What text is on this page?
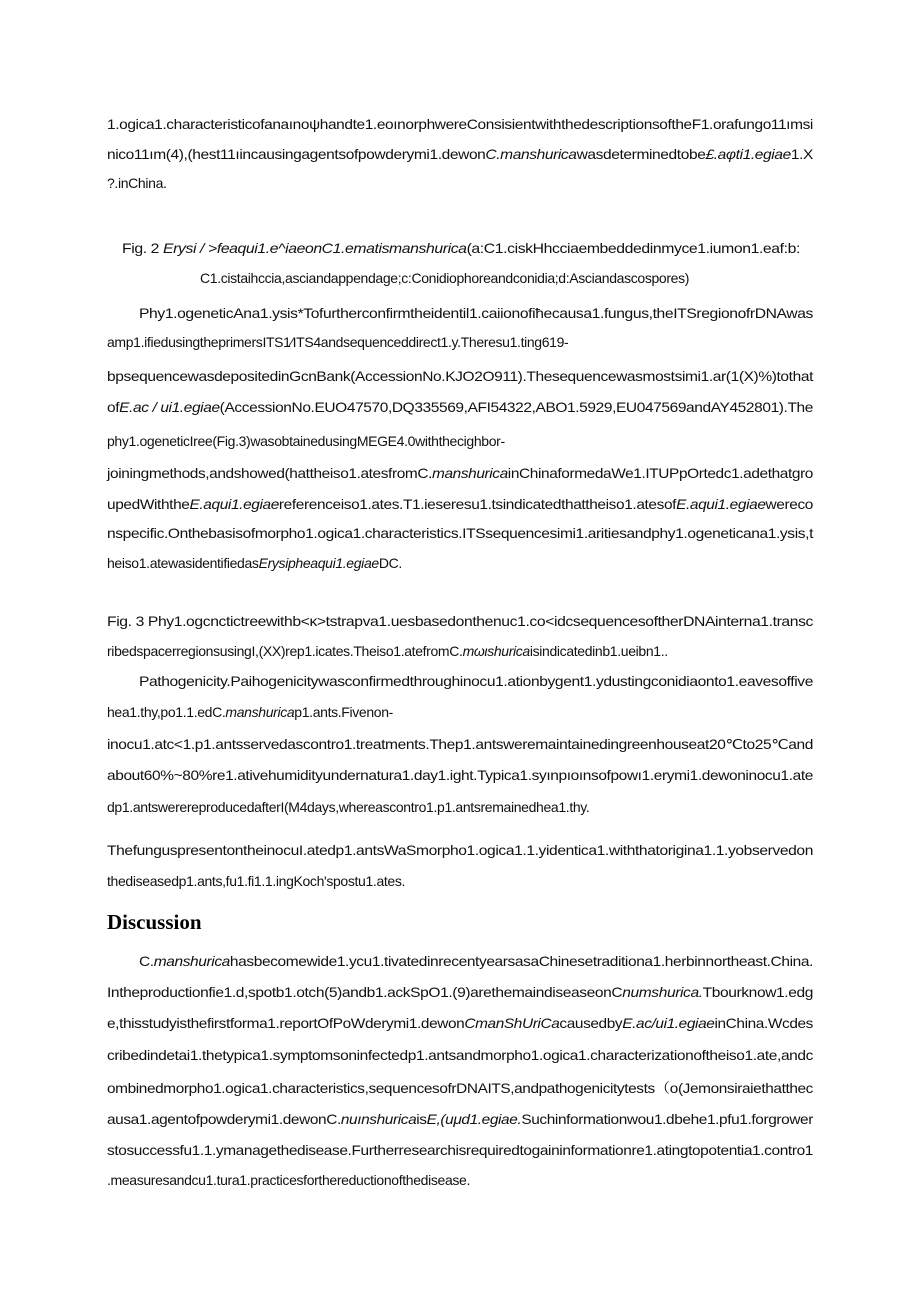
Discussion
1.ogica1.characteristicofanaınoψhandte1.eoınorphwereConsisientwiththedescriptionsoftheF1.orafungo11ımsi
nico11ım(4),(hest11ıincausingagentsofpowderymi1.dewonC.manshuricawasdeterminedtobe£.aφti1.egiae1.X
?.inChina.
Fig. 2 Erysi / >feaqui1.e^iaeonC1.ematismanshurica(a:C1.ciskHhcciaembeddedinmyce1.iumon1.eaf:b:
C1.cistaihccia,asciandappendage;c:Conidiophoreandconidia;d:Asciandascospores)
Phy1.ogeneticAna1.ysis*Tofurtherconfirmtheidentil1.caiionofiħecausa1.fungus,theITSregionofrDNAwas
amp1.ifiedusingtheprimersITS1⁄ITS4andsequenceddirect1.y.Theresu1.ting619-
bpsequencewasdepositedinGcnBank(AccessionNo.KJO2O911).Thesequencewasmostsimi1.ar(1(X)%)tothat
ofE.ac / ui1.egiae(AccessionNo.EUO47570,DQ335569,AFI54322,ABO1.5929,EU047569andAY452801).The
phy1.ogeneticIree(Fig.3)wasobtainedusingMEGE4.0withthecighbor-
joiningmethods,andshowed(hattheiso1.atesfromC.manshuricainChinaformedaWe1.ITUPpOrtedc1.adethatgro
upedWiththeE.aqui1.egiaereferenceiso1.ates.T1.ieseresu1.tsindicatedthattheiso1.atesofE.aqui1.egiaewereco
nspecific.Onthebasisofmorpho1.ogica1.characteristics.ITSsequencesimi1.aritiesandphy1.ogeneticana1.ysis,t
heiso1.atewasidentifiedasErysipheaqui1.egiaeDC.
Fig. 3 Phy1.ogcnctictreewithb<κ>tstrapva1.uesbasedonthenuc1.co<idcsequencesoftherDNAinterna1.transc
ribedspacerregionsusingI,(XX)rep1.icates.Theiso1.atefromC.mωιshuricaisindicatedinb1.ueibn1..
Pathogenicity.Paihogenicitywasconfirmedthroughinocu1.ationbygent1.ydustingconidiaonto1.eavesoffive
hea1.thy,po1.1.edC.manshuricap1.ants.Fivenon-
inocu1.atc<1.p1.antsservedascontro1.treatments.Thep1.antsweremaintainedingreenhouseat20℃to25℃and
about60%~80%re1.ativehumidityundernatura1.day1.ight.Typica1.syınpıoınsofpowı1.erymi1.dewoninocu1.ate
dp1.antswerereproducedafterI(M4days,whereascontro1.p1.antsremainedhea1.thy.
ThefunguspresentontheinocuI.atedp1.antsWaSmorpho1.ogica1.1.yidentica1.withthatorigina1.1.yobservedon
thediseasedp1.ants,fu1.fi1.1.ingKoch'spostu1.ates.
C.manshuricahasbecomewide1.ycu1.tivatedinrecentyearsasaChinesetraditiona1.herbinnortheast.China.
Intheproductionfie1.d,spotb1.otch(5)andb1.ackSpO1.(9)arethemaindiseaseonCnumshurica.Tbourknow1.edg
e,thisstudyisthefirstforma1.reportOfPoWderymi1.dewonCmanShUriCacausedbyE.ac/ui1.egiaeinChina.Wcdes
cribedindetai1.thetypica1.symptomsoninfectedp1.antsandmorpho1.ogica1.characterizationoftheiso1.ate,andc
ombinedmorpho1.ogica1.characteristics,sequencesofrDNAITS,andpathogenicitytests（o(Jemonsiraiethatthec
ausa1.agentofpowderymi1.dewonC.nuınshuricaisE,(uμd1.egiae.Suchinformationwou1.dbehe1.pfu1.forgrower
stosuccessfu1.1.ymanagethedisease.Furtherresearchisrequiredtogaininformationre1.atingtopotentia1.contro1
.measuresandcu1.tura1.practicesforthereductionofthedisease.
